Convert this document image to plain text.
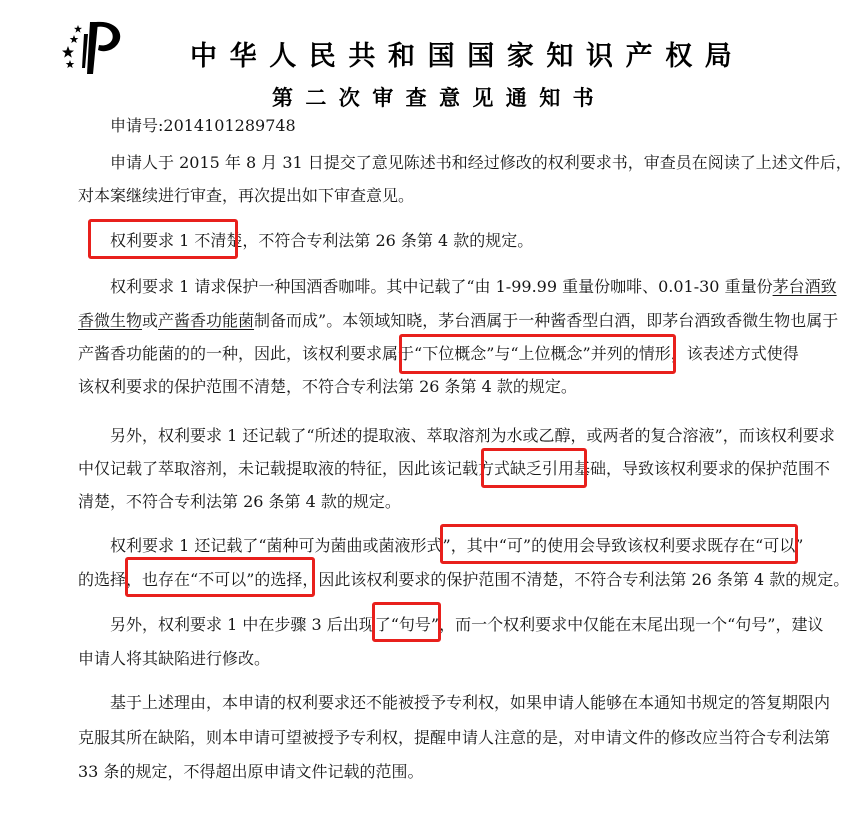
中华人民共和国国家知识产权局
第二次审查意见通知书
申请号:2014101289748
申请人于 2015 年 8 月 31 日提交了意见陈述书和经过修改的权利要求书，审查员在阅读了上述文件后，
对本案继续进行审查，再次提出如下审查意见。
权利要求 1 不清楚，不符合专利法第 26 条第 4 款的规定。
权利要求 1 请求保护一种国酒香咖啡。其中记载了“由 1-99.99 重量份咖啡、0.01-30 重量份茅台酒致
香微生物或产酱香功能菌制备而成”。本领域知晓，茅台酒属于一种酱香型白酒，即茅台酒致香微生物也属于
产酱香功能菌的的一种，因此，该权利要求属于“下位概念”与“上位概念”并列的情形，该表述方式使得
该权利要求的保护范围不清楚，不符合专利法第 26 条第 4 款的规定。
另外，权利要求 1 还记载了“所述的提取液、萃取溶剂为水或乙醇，或两者的复合溶液”，而该权利要求
中仅记载了萃取溶剂，未记载提取液的特征，因此该记载方式缺乏引用基础，导致该权利要求的保护范围不
清楚，不符合专利法第 26 条第 4 款的规定。
权利要求 1 还记载了“菌种可为菌曲或菌液形式”，其中“可”的使用会导致该权利要求既存在“可以”
的选择，也存在“不可以”的选择，因此该权利要求的保护范围不清楚，不符合专利法第 26 条第 4 款的规定。
另外，权利要求 1 中在步骤 3 后出现了“句号”，而一个权利要求中仅能在末尾出现一个“句号”，建议
申请人将其缺陷进行修改。
基于上述理由，本申请的权利要求还不能被授予专利权，如果申请人能够在本通知书规定的答复期限内
克服其所在缺陷，则本申请可望被授予专利权，提醒申请人注意的是，对申请文件的修改应当符合专利法第
33 条的规定，不得超出原申请文件记载的范围。
